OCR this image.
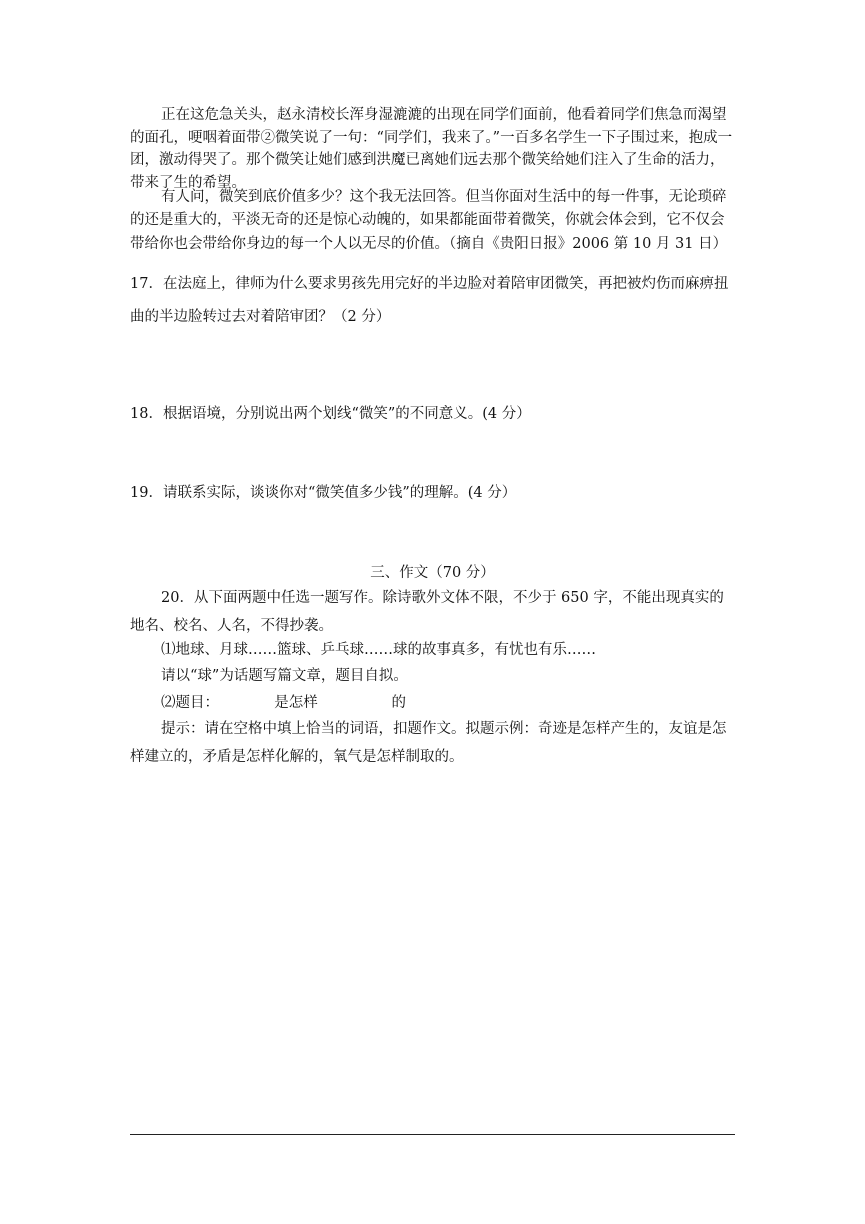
正在这危急关头，赵永清校长浑身湿漉漉的出现在同学们面前，他看着同学们焦急而渴望的面孔，哽咽着面带②微笑说了一句：“同学们，我来了。”一百多名学生一下子围过来，抱成一团，激动得哭了。那个微笑让她们感到洪魔已离她们远去那个微笑给她们注入了生命的活力，带来了生的希望。

有人问，微笑到底价值多少？这个我无法回答。但当你面对生活中的每一件事，无论琐碎的还是重大的，平淡无奇的还是惊心动魄的，如果都能面带着微笑，你就会体会到，它不仅会带给你也会带给你身边的每一个人以无尽的价值。（摘自《贵阳日报》2006 第 10 月 31 日）

17．在法庭上，律师为什么要求男孩先用完好的半边脸对着陪审团微笑，再把被灼伤而麻痹扭曲的半边脸转过去对着陪审团？（2 分）

18．根据语境，分别说出两个划线“微笑”的不同意义。(4 分）

19．请联系实际，谈谈你对“微笑值多少钱”的理解。(4 分）

三、作文（70 分）

20．从下面两题中任选一题写作。除诗歌外文体不限，不少于 650 字，不能出现真实的地名、校名、人名，不得抄袭。

⑴地球、月球……篮球、乒乓球……球的故事真多，有忧也有乐……
请以“球”为话题写篇文章，题目自拟。
⑵题目：            是怎样                的

提示：请在空格中填上恰当的词语，扣题作文。拟题示例：奇迹是怎样产生的，友谊是怎样建立的，矛盾是怎样化解的，氧气是怎样制取的。
